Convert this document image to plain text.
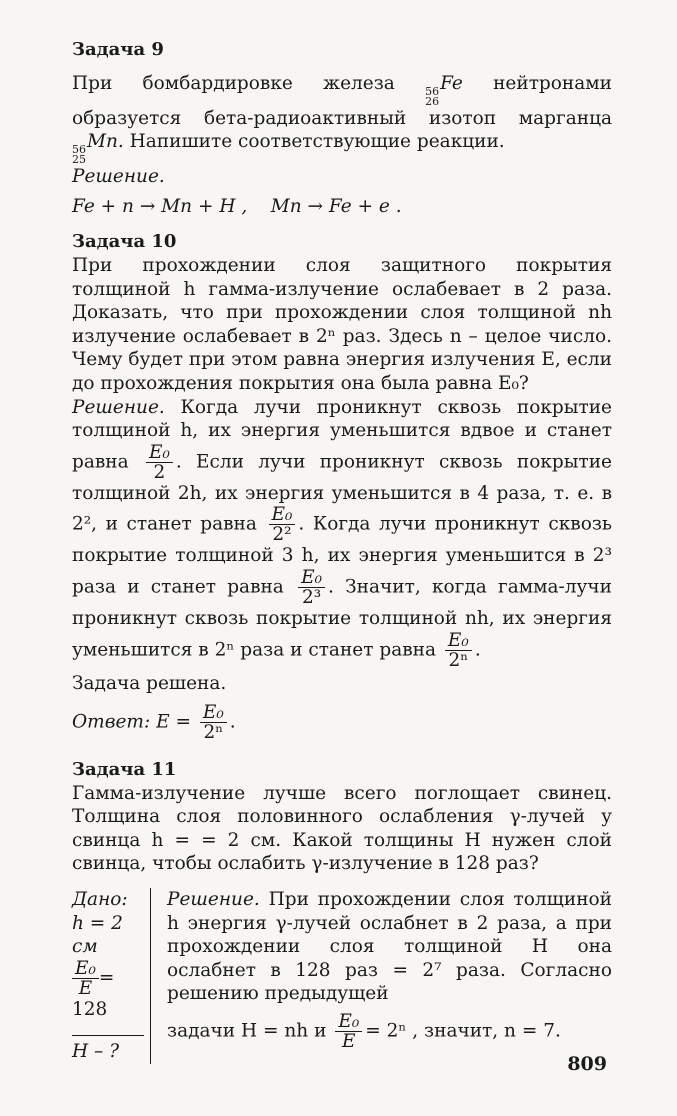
Задача 9
При бомбардировке железа	56
26
Fe нейтронами образуется бета-радиоактивный изотоп марганца
56
25
Mn. Напишите соответствующие реакции.
Решение.
Fe + n → Mn + H , Mn → Fe + e .
Задача 10
При прохождении слоя защитного покрытия толщиной h гамма-излучение ослабевает в 2 раза. Доказать, что при прохождении слоя толщиной nh излучение ослабевает в 2ⁿ раз. Здесь n – целое число. Чему будет при этом равна энергия излучения E, если до прохождения покрытия она была равна E₀?
Решение. Когда лучи проникнут сквозь покрытие толщиной h, их энергия уменьшится вдвое и станет равна $\frac{\text{E₀}}{2}$ . Если лучи проникнут сквозь покрытие толщиной 2h, их энергия уменьшится в 4 раза, т. е. в 2², и станет равна $\frac{\text{E₀}}{\text{2²}}$ . Когда лучи проникнут сквозь покрытие толщиной 3 h, их энергия уменьшится в 2³ раза и станет равна $\frac{\text{E₀}}{\text{2³}}$ . Значит, когда гамма-лучи проникнут сквозь покрытие толщиной nh, их энергия уменьшится в 2ⁿ раза и станет равна $\frac{\text{E₀}}{\text{2ⁿ}}$ .
Задача решена.
Ответ: $E = \frac{\text{E₀}}{\text{2ⁿ}}$ .
Задача 11
Гамма-излучение лучше всего поглощает свинец. Толщина слоя половинного ослабления γ-лучей у свинца h = = 2 см. Какой толщины H нужен слой свинца, чтобы ослабить γ-излучение в 128 раз?
Дано:
h = 2 см
$\frac{\text{E₀}}{E} = 128$
H – ?
Решение. При прохождении слоя толщиной h энергия γ-лучей ослабнет в 2 раза, а при прохождении слоя толщиной H она ослабнет в 128 раз = 2⁷ раза. Согласно решению предыдущей
задачи H = nh и $\frac{\text{E₀}}{E} = 2^n$ , значит, n = 7.
809
